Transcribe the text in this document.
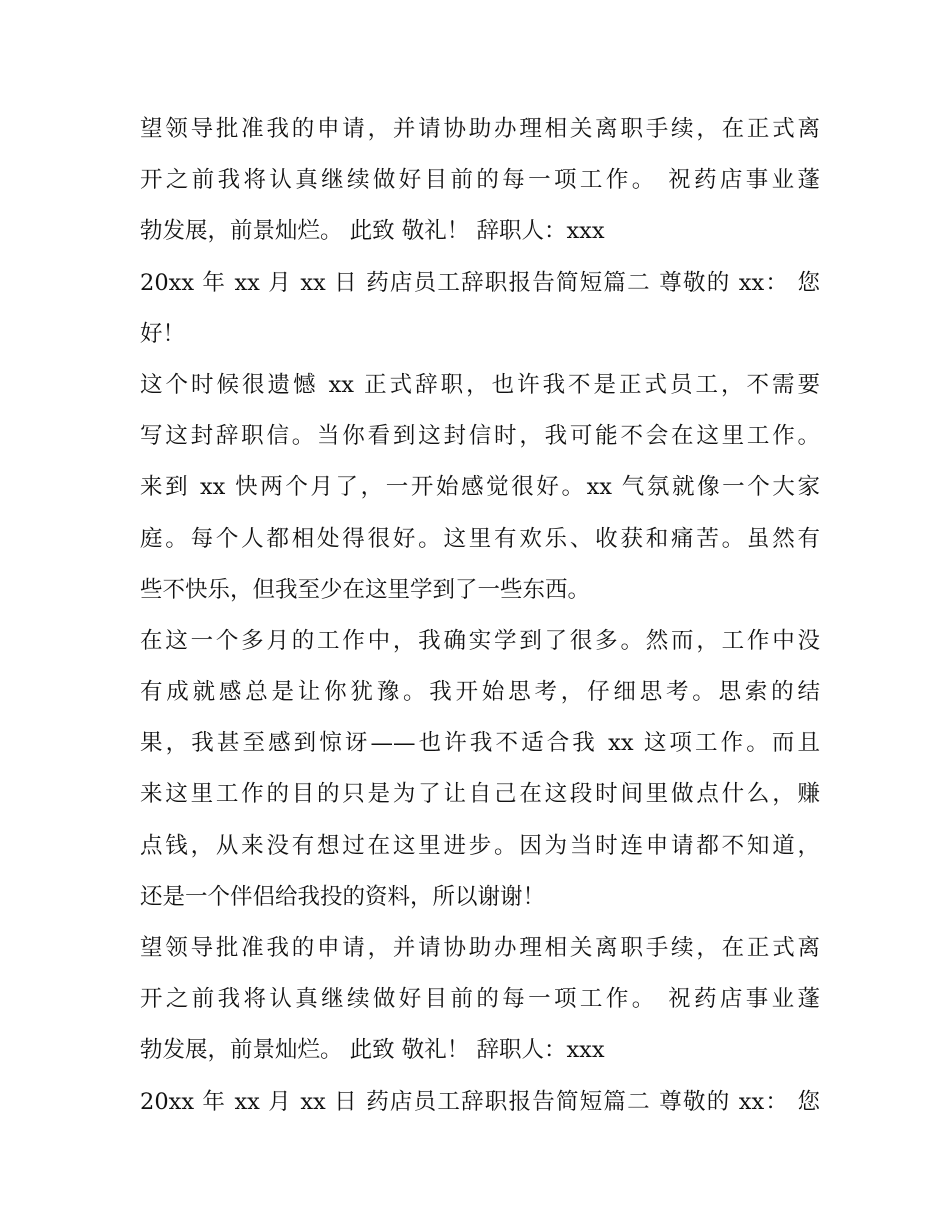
望领导批准我的申请，并请协助办理相关离职手续，在正式离
开之前我将认真继续做好目前的每一项工作。 祝药店事业蓬
勃发展，前景灿烂。 此致 敬礼！ 辞职人：xxx
20xx 年 xx 月 xx 日 药店员工辞职报告简短篇二 尊敬的 xx： 您
好！
这个时候很遗憾 xx 正式辞职，也许我不是正式员工，不需要
写这封辞职信。当你看到这封信时，我可能不会在这里工作。
来到 xx 快两个月了，一开始感觉很好。xx 气氛就像一个大家
庭。每个人都相处得很好。这里有欢乐、收获和痛苦。虽然有
些不快乐，但我至少在这里学到了一些东西。
在这一个多月的工作中，我确实学到了很多。然而，工作中没
有成就感总是让你犹豫。我开始思考，仔细思考。思索的结
果，我甚至感到惊讶——也许我不适合我 xx 这项工作。而且
来这里工作的目的只是为了让自己在这段时间里做点什么，赚
点钱，从来没有想过在这里进步。因为当时连申请都不知道，
还是一个伴侣给我投的资料，所以谢谢！
望领导批准我的申请，并请协助办理相关离职手续，在正式离
开之前我将认真继续做好目前的每一项工作。 祝药店事业蓬
勃发展，前景灿烂。 此致 敬礼！ 辞职人：xxx
20xx 年 xx 月 xx 日 药店员工辞职报告简短篇二 尊敬的 xx： 您
